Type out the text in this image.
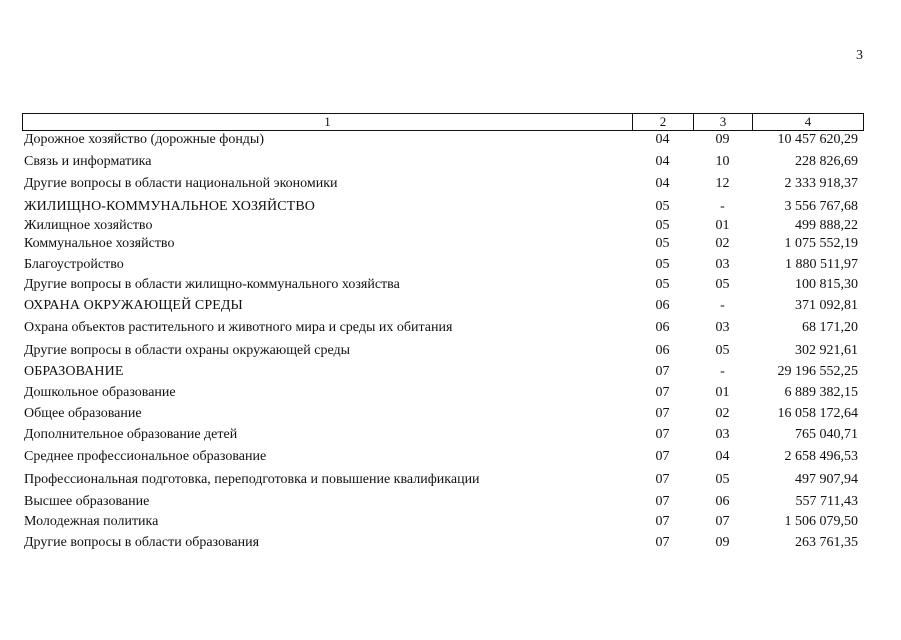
3
1	2	3	4
Дорожное хозяйство (дорожные фонды)	04	09	10 457 620,29
Связь и информатика	04	10	228 826,69
Другие вопросы в области национальной экономики	04	12	2 333 918,37
ЖИЛИЩНО-КОММУНАЛЬНОЕ ХОЗЯЙСТВО	05	-	3 556 767,68
Жилищное хозяйство	05	01	499 888,22
Коммунальное хозяйство	05	02	1 075 552,19
Благоустройство	05	03	1 880 511,97
Другие вопросы в области жилищно-коммунального хозяйства	05	05	100 815,30
ОХРАНА ОКРУЖАЮЩЕЙ СРЕДЫ	06	-	371 092,81
Охрана объектов растительного и животного мира и среды их обитания	06	03	68 171,20
Другие вопросы в области охраны окружающей среды	06	05	302 921,61
ОБРАЗОВАНИЕ	07	-	29 196 552,25
Дошкольное образование	07	01	6 889 382,15
Общее образование	07	02	16 058 172,64
Дополнительное образование детей	07	03	765 040,71
Среднее профессиональное образование	07	04	2 658 496,53
Профессиональная подготовка, переподготовка и повышение квалификации	07	05	497 907,94
Высшее образование	07	06	557 711,43
Молодежная политика	07	07	1 506 079,50
Другие вопросы в области образования	07	09	263 761,35
